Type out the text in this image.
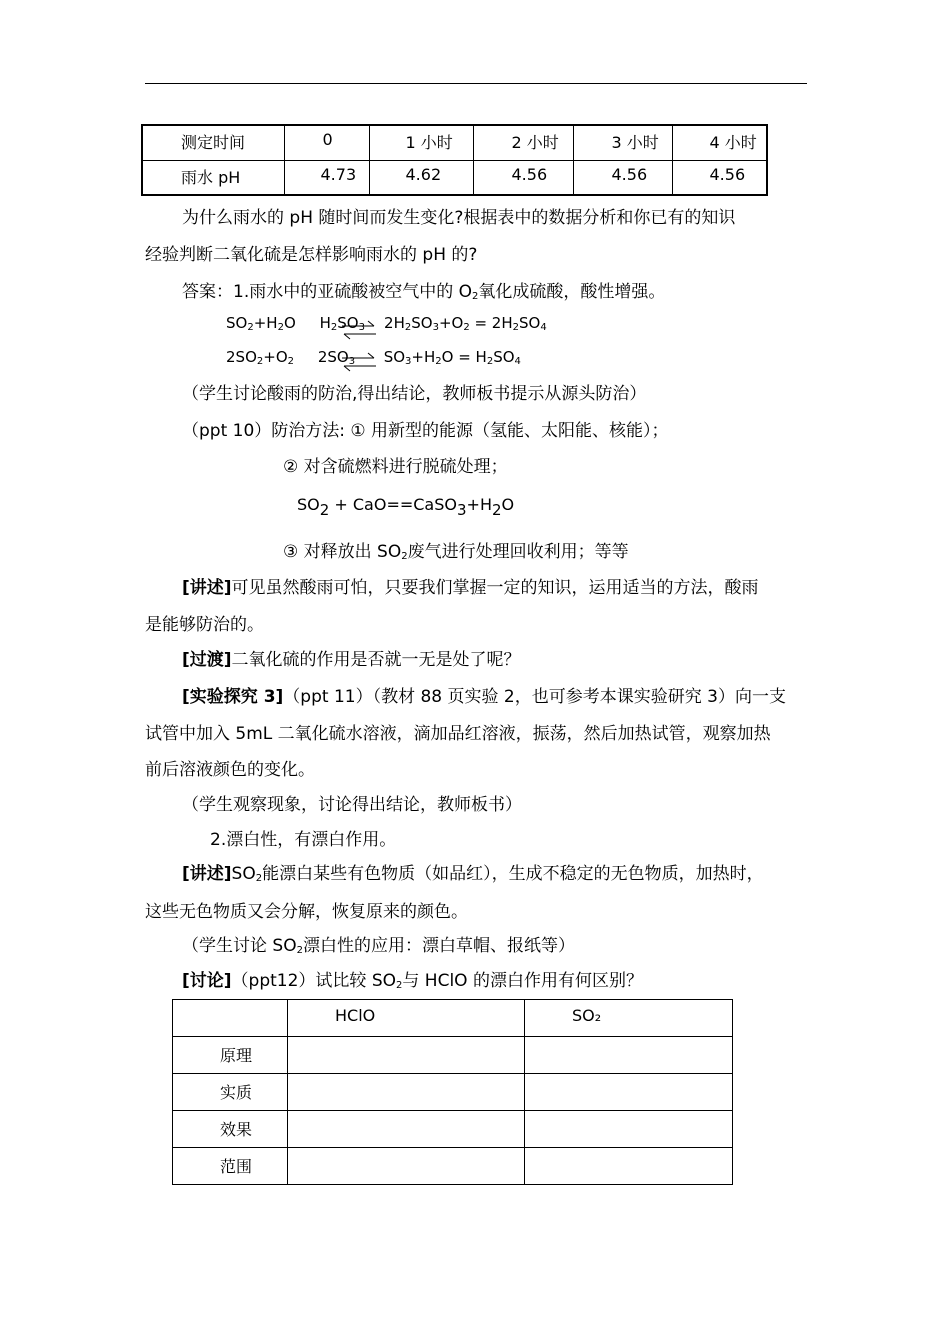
测定时间	0	1 小时	2 小时	3 小时	4 小时
雨水 pH	4.73	4.62	4.56	4.56	4.56
为什么雨水的 pH 随时间而发生变化?根据表中的数据分析和你已有的知识
经验判断二氧化硫是怎样影响雨水的 pH 的?
答案：1.雨水中的亚硫酸被空气中的 $O_2$氧化成硫酸，酸性增强。
$SO_2+H_2O$ $H_2SO_3$ $2H_2SO_3+O_2 = 2H_2SO_4$
$2SO_2+O_2$ $2SO_3$ $SO_3+H_2O = H_2SO_4$
（学生讨论酸雨的防治,得出结论，教师板书提示从源头防治）
（ppt 10）防治方法: ① 用新型的能源（氢能、太阳能、核能）；
② 对含硫燃料进行脱硫处理；
$SO_2$ + $CaO==CaSO_3+H_2O$
③ 对释放出 $SO_2$废气进行处理回收利用；等等
[讲述]可见虽然酸雨可怕，只要我们掌握一定的知识，运用适当的方法，酸雨
是能够防治的。
[过渡]二氧化硫的作用是否就一无是处了呢？
[实验探究 3]（ppt 11）（教材 88 页实验 2，也可参考本课实验研究 3）向一支
试管中加入 5mL 二氧化硫水溶液，滴加品红溶液，振荡，然后加热试管，观察加热
前后溶液颜色的变化。
（学生观察现象，讨论得出结论，教师板书）
2.漂白性，有漂白作用。
[讲述]$SO_2$能漂白某些有色物质（如品红），生成不稳定的无色物质，加热时，
这些无色物质又会分解，恢复原来的颜色。
（学生讨论 $SO_2$漂白性的应用：漂白草帽、报纸等）
[讨论]（ppt12）试比较 $SO_2$与 HClO 的漂白作用有何区别？
	HClO	SO₂
原理		
实质		
效果		
范围		
